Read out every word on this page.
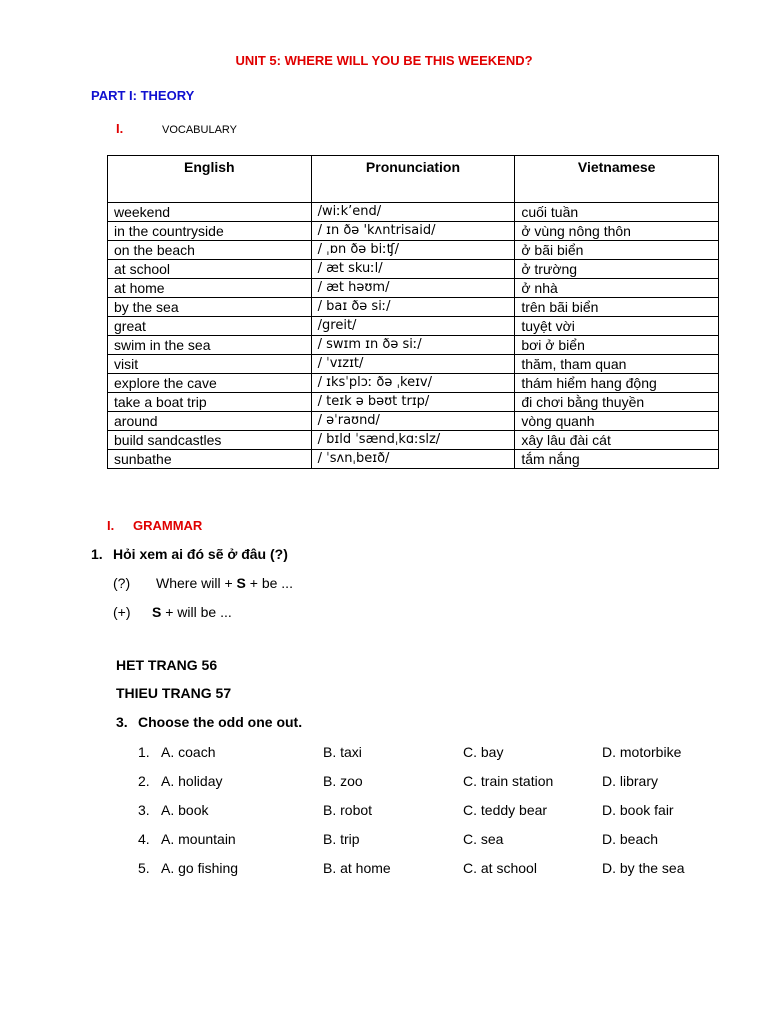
UNIT 5: WHERE WILL YOU BE THIS WEEKEND?
PART I: THEORY
I.	VOCABULARY
English	Pronunciation	Vietnamese
weekend	/wiːk’end/	cuối tuần
in the countryside	/ ɪn ðə 'kʌntrisaid/	ở vùng nông thôn
on the beach	/ ˌɒn ðə biːʧ/	ở bãi biển
at school	/ æt skuːl/	ở trường
at home	/ æt həʊm/	ở nhà
by the sea	/ baɪ ðə siː/	trên bãi biển
great	/greit/	tuyệt vời
swim in the sea	/ swɪm ɪn ðə siː/	bơi ở biển
visit	/ ˈvɪzɪt/	thăm, tham quan
explore the cave	/ ɪksˈplɔː ðə ˌkeɪv/	thám hiểm hang động
take a boat trip	/ teɪk ə bəʊt trɪp/	đi chơi bằng thuyền
around	/ əˈraʊnd/	vòng quanh
build sandcastles	/ bɪld ˈsændˌkɑːslz/	xây lâu đài cát
sunbathe	/ ˈsʌnˌbeɪð/	tắm nắng
I. GRAMMAR
1. Hỏi xem ai đó sẽ ở đâu (?)
(?) Where will + S + be ...
(+) S + will be ...
HET TRANG 56
THIEU TRANG 57
3. Choose the odd one out.
1. A. coach	B. taxi	C. bay	D. motorbike
2. A. holiday	B. zoo	C. train station	D. library
3. A. book	B. robot	C. teddy bear	D. book fair
4. A. mountain	B. trip	C. sea	D. beach
5. A. go fishing	B. at home	C. at school	D. by the sea
